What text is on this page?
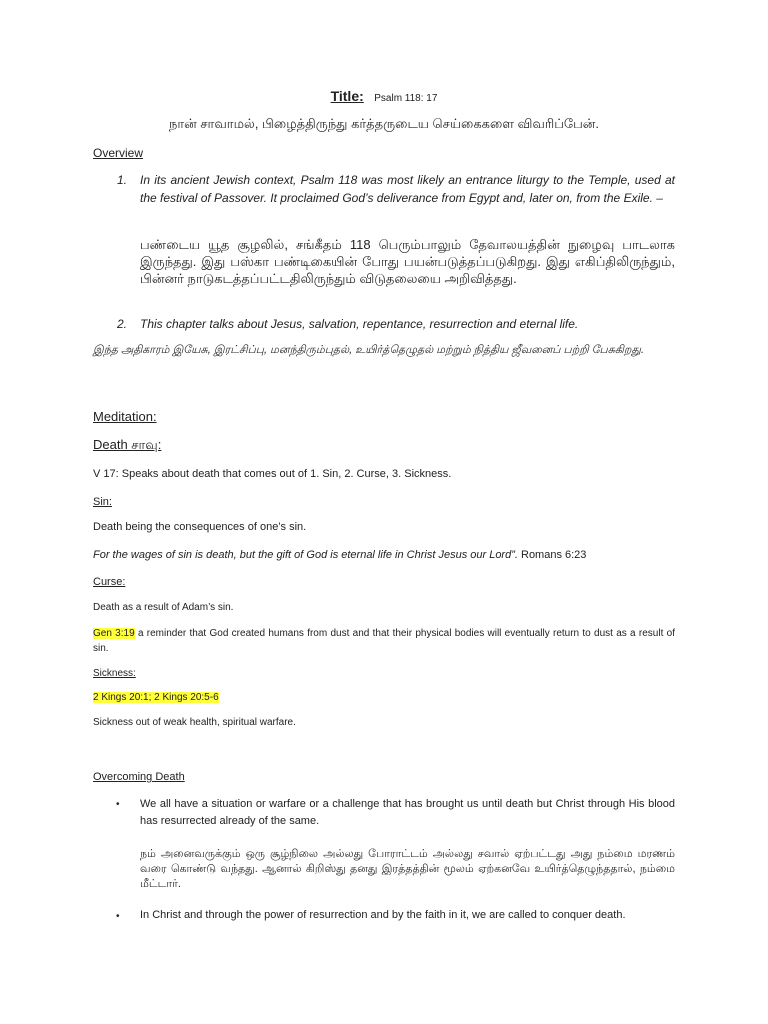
Title: Psalm 118: 17
நான் சாவாமல், பிழைத்திருந்து கர்த்தருடைய செய்கைகளை விவரிப்பேன்.
Overview
1. In its ancient Jewish context, Psalm 118 was most likely an entrance liturgy to the Temple, used at the festival of Passover. It proclaimed God’s deliverance from Egypt and, later on, from the Exile. –
பண்டைய யூத சூழலில், சங்கீதம் 118 பெரும்பாலும் தேவாலயத்தின் நுழைவு பாடலாக இருந்தது. இது பஸ்கா பண்டிகையின் போது பயன்படுத்தப்படுகிறது. இது எகிப்திலிருந்தும், பின்னர் நாடுகடத்தப்பட்டதிலிருந்தும் விடுதலையை அறிவித்தது.
2. This chapter talks about Jesus, salvation, repentance, resurrection and eternal life.
இந்த அதிகாரம் இயேசு, இரட்சிப்பு, மனந்திரும்புதல், உயிர்த்தெழுதல் மற்றும் நித்திய ஜீவனைப் பற்றி பேசுகிறது.
Meditation:
Death சாவு:
V 17: Speaks about death that comes out of 1. Sin, 2. Curse, 3. Sickness.
Sin:
Death being the consequences of one’s sin.
For the wages of sin is death, but the gift of God is eternal life in Christ Jesus our Lord”. Romans 6:23
Curse:
Death as a result of Adam’s sin.
Gen 3:19 a reminder that God created humans from dust and that their physical bodies will eventually return to dust as a result of sin.
Sickness:
2 Kings 20:1; 2 Kings 20:5-6
Sickness out of weak health, spiritual warfare.
Overcoming Death
• We all have a situation or warfare or a challenge that has brought us until death but Christ through His blood has resurrected already of the same.
நம் அனைவருக்கும் ஒரு சூழ்நிலை அல்லது போராட்டம் அல்லது சவால் ஏற்பட்டது அது நம்மை மரணம் வரை கொண்டு வந்தது. ஆனால் கிறிஸ்து தனது இரத்தத்தின் மூலம் ஏற்கனவே உயிர்த்தெழுந்ததால், நம்மை மீட்டார்.
• In Christ and through the power of resurrection and by the faith in it, we are called to conquer death.
